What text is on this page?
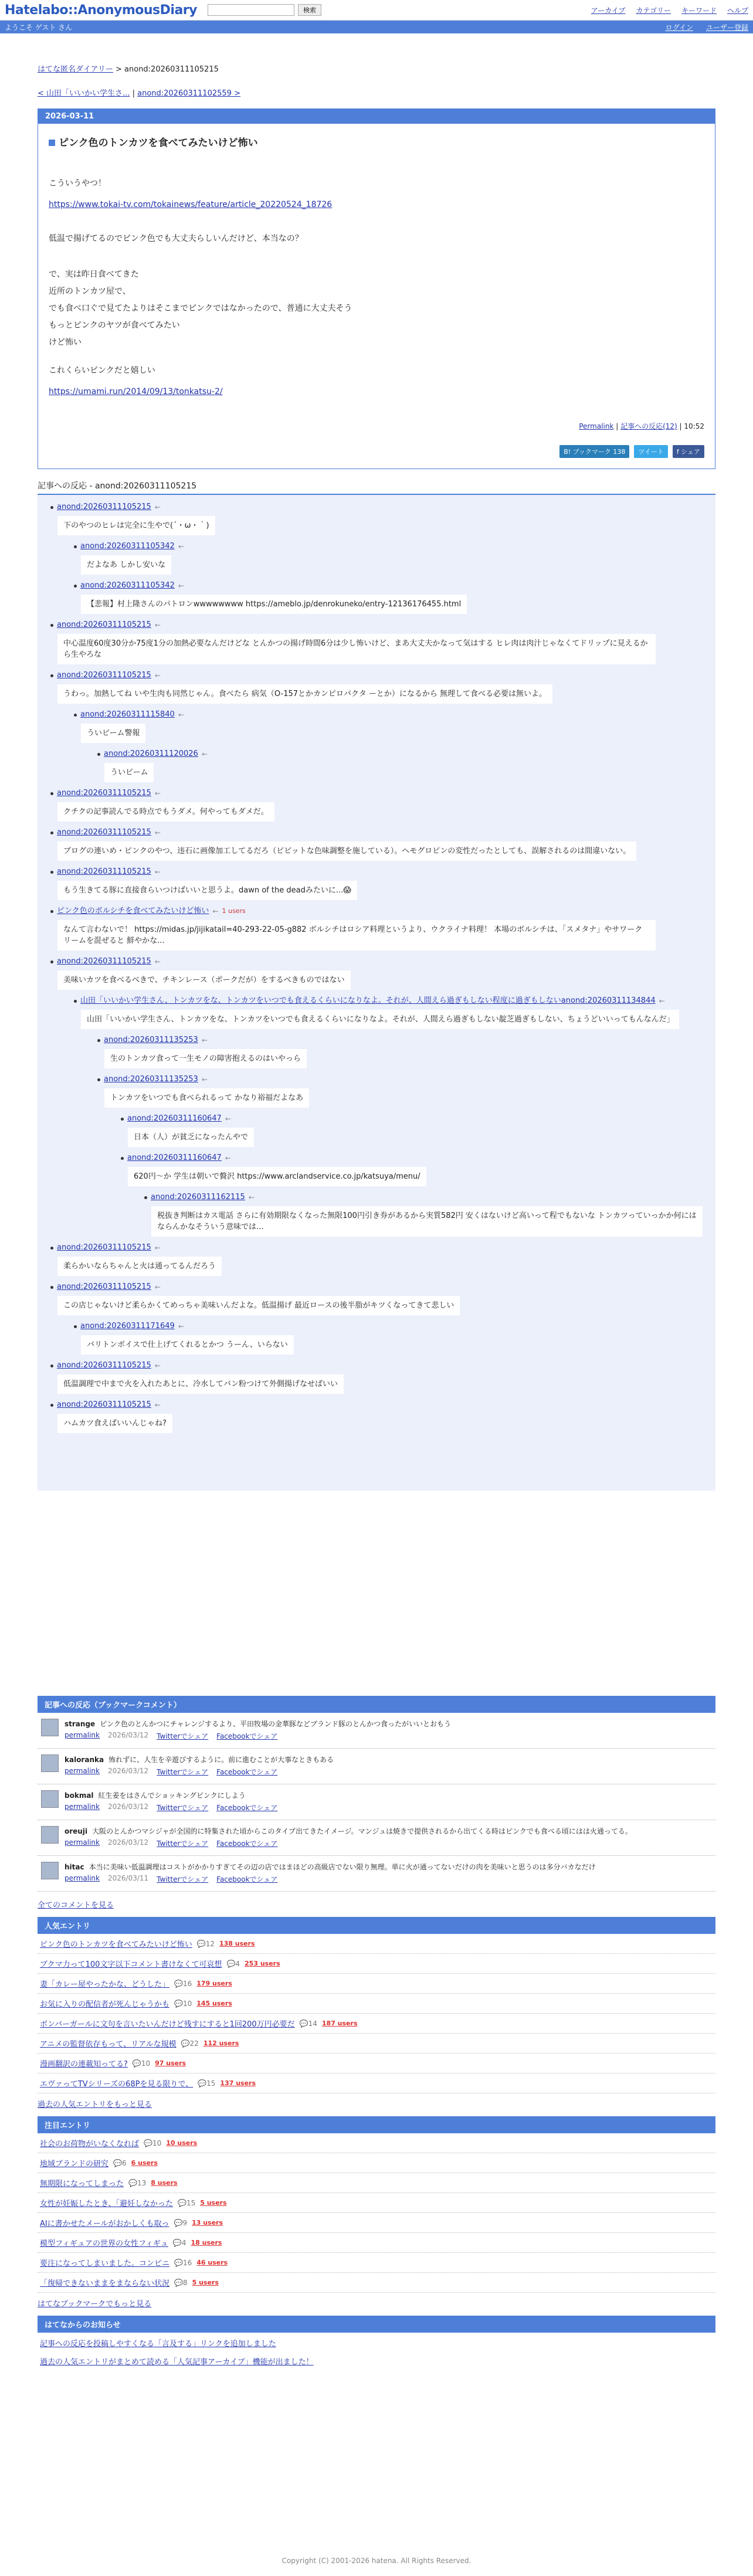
Hatelabo::AnonymousDiary	検索	アーカイブ カテゴリー キーワード ヘルプ
ようこそ ゲスト さん	ログイン ユーザー登録
はてな匿名ダイアリー > anond:20260311105215
< 山田「いいかい学生さ... | anond:20260311102559 >
2026-03-11
ピンク色のトンカツを食べてみたいけど怖い

こういうやつ！

https://www.tokai-tv.com/tokainews/feature/article_20220524_18726

低温で揚げてるのでピンク色でも大丈夫らしいんだけど、本当なの？

で、実は昨日食べてきた
近所のトンカツ屋で、
でも食べ口ぐで見てたよりはそこまでピンクではなかったので、普通に大丈夫そう
もっとピンクのヤツが食べてみたい
けど怖い

これくらいピンクだと嬉しい

https://umami.run/2014/09/13/tonkatsu-2/

Permalink | 記事への反応(12) | 10:52
B! ブックマーク 138	ツイート	f シェア
記事への反応 - anond:20260311105215
anond:20260311105215 ←
下のやつのヒレは完全に生やで(´・ω・｀)
anond:20260311105342 ←
だよなあ しかし安いな
anond:20260311105342 ←
【悲報】村上隆さんのパトロンwwwwwwww https://ameblo.jp/denrokuneko/entry-12136176455.html
anond:20260311105215 ←
中心温度60度30分か75度1分の加熱必要なんだけどな とんかつの揚げ時間6分は少し怖いけど、まあ大丈夫かなって気はする ヒレ肉は肉汁じゃなくてドリップに見えるから生やろな
anond:20260311105215 ←
うわっ。加熱してね いや生肉も同然じゃん。食べたら 病気（O-157とかカンピロバクタ ーとか）になるから 無理して食べる必要は無いよ。
anond:20260311115840 ←
ういビーム警報
anond:20260311120026 ←
ういビーム
anond:20260311105215 ←
クチクの記事読んでる時点でもうダメ。何やってもダメだ。
anond:20260311105215 ←
ブログの連いめ・ピンクのやつ、违石に画像加工してるだろ（ビビットな色味調整を施している）。ヘモグロビンの変性だったとしても、誤解されるのは間違いない。
anond:20260311105215 ←
もう生きてる豚に直接食らいつけばいいと思うよ。dawn of the deadみたいに...😱
ピンク色のボルシチを食べてみたいけど怖い ← 1 users
なんて言わないで！ https://midas.jp/jijikatail=40-293-22-05-g882 ボルシチはロシア料理というより、ウクライナ料理！ 本場のボルシチは、「スメタナ」やサワークリームを混ぜると 鮮やかな...
anond:20260311105215 ←
美味いカツを食べるべきで、チキンレース（ポークだが）をするべきものではない
山田「いいかい学生さん、トンカツをな、トンカツをいつでも食えるくらいになりなよ。それが、人間えら過ぎもしない程度に過ぎもしないanond:20260311134844 ←
山田「いいかい学生さん、トンカツをな、トンカツをいつでも食えるくらいになりなよ。それが、人間えら過ぎもしない靛芝過ぎもしない、ちょうどいいってもんなんだ」
anond:20260311135253 ←
生のトンカツ食って一生モノの障害抱えるのはいやっら
anond:20260311135253 ←
トンカツをいつでも食べられるって かなり裕福だよなあ
anond:20260311160647 ←
日本（人）が貧乏になったんやで
anond:20260311160647 ←
620円〜か 学生は朝いで贅沢 https://www.arclandservice.co.jp/katsuya/menu/
anond:20260311162115 ←
税抜き判断はカス電話 さらに有効期限なくなった無限100円引き券があるから実質582円 安くはないけど高いって程でもないな トンカツっていっかか何にはならんかなそういう意味では...
anond:20260311105215 ←
柔らかいならちゃんと火は通ってるんだろう
anond:20260311105215 ←
この店じゃないけど柔らかくてめっちゃ美味いんだよな。低温揚げ 最近ロースの後半脂がキツくなってきて悲しい
anond:20260311171649 ←
バリトンボイスで仕上げてくれるとかつ うーん、いらない
anond:20260311105215 ←
低温調理で中まで火を入れたあとに、冷水してバン粉つけて外側揚げなせばいい
anond:20260311105215 ←
ハムカツ食えばいいんじゃね?
記事への反応（ブックマークコメント）
strange ピンク色のとんかつにチャレンジするより、平田牧場の金華豚などブランド豚のとんかつ食ったがいいとおもう
permalink 2026/03/12 Twitterでシェア Facebookでシェア
kaloranka 怖れずに、人生を辛遊びするように。前に進むことが大事なときもある
permalink 2026/03/12 Twitterでシェア Facebookでシェア
bokmal 紅生姜をはさんでショッキングピンクにしよう
permalink 2026/03/12 Twitterでシェア Facebookでシェア
oreuji 大阪のとんかつマシジャが全国的に特集された頃からこのタイプ出てきたイメージ。マンジュは焼きで提供されるから出てくる時はピンクでも食べる頃にはは火通ってる。
permalink 2026/03/12 Twitterでシェア Facebookでシェア
hitac 本当に美味い低温調理はコストがかかりすぎてその辺の店ではまほどの高級店でない限り無理。単に火が通ってないだけの肉を美味いと思うのは多分バカなだけ
permalink 2026/03/11 Twitterでシェア Facebookでシェア
全てのコメントを見る
人気エントリ
ピンク色のトンカツを食べてみたいけど怖い 💬12 138 users
ブクマ力って100文字以下コメント書けなくて可哀想 💬4 253 users
妻「カレー屋やったかな、どうした」 💬16 179 users
お気に入りの配信者が死んじゃうかも 💬10 145 users
ボンバーガールに文句を言いたいんだけど残すにすると1回200万円必要だ 💬14 187 users
アニメの監督依存もって、リアルな規模 💬22 112 users
漫画翻訳の連載知ってる? 💬10 97 users
エヴァってTVシリーズの68Pを見る限りで、 💬15 137 users
過去の人気エントリをもっと見る
注目エントリ
社会のお荷物がいなくなれば 💬10 10 users
地域ブランドの研究 💬6 6 users
無期限になってしまった 💬13 8 users
女性が妊娠したとき、「避妊しなかった 💬15 5 users
AIに書かせたメールがおかしくも取っ 💬9 13 users
模型フィギュアの世界の女性フィギュ 💬4 18 users
要注になってしまいました。コンピニ 💬16 46 users
「復帰できないままをまならない状況 💬8 5 users
はてなブックマークでもっと見る
はてなからのお知らせ
記事への反応を投稿しやすくなる「言及する」リンクを追加しました
過去の人気エントリがまとめて読める「人気記事アーカイブ」機能が出ました！
Copyright (C) 2001-2026 hatena. All Rights Reserved.
